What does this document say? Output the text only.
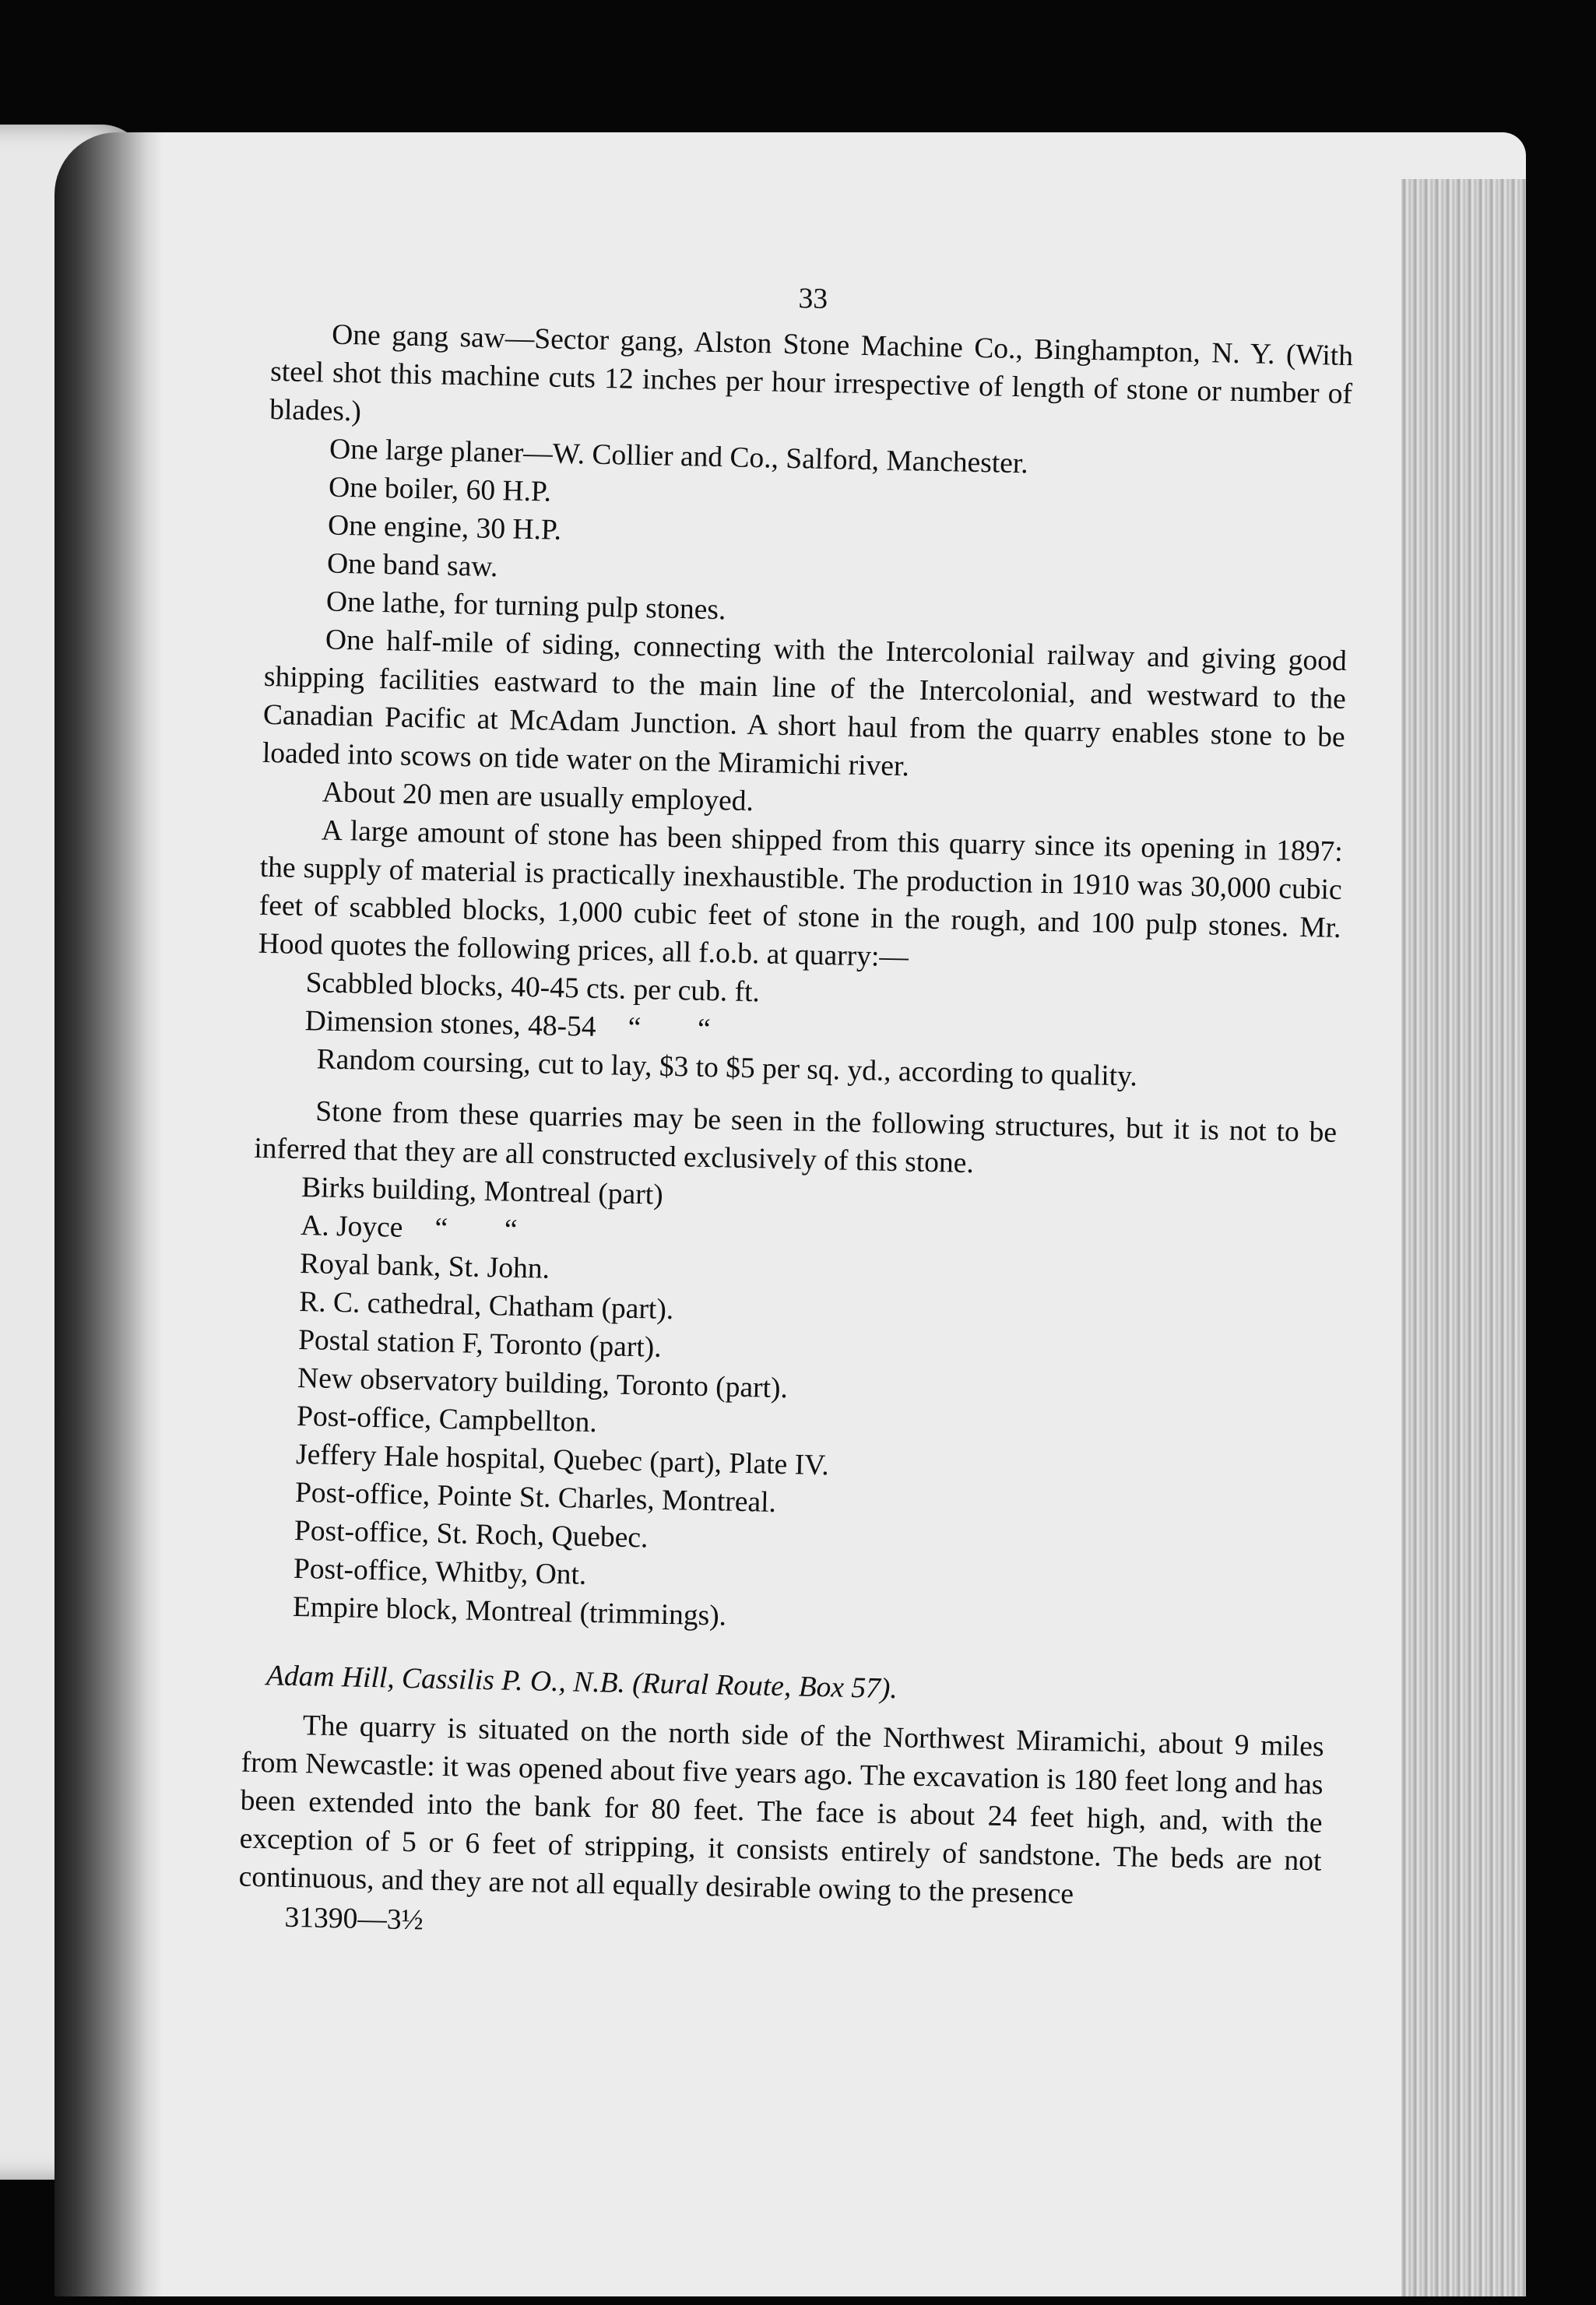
33

One gang saw—Sector gang, Alston Stone Machine Co., Binghampton, N. Y. (With steel shot this machine cuts 12 inches per hour irrespective of length of stone or number of blades.)

One large planer—W. Collier and Co., Salford, Manchester.
One boiler, 60 H.P.
One engine, 30 H.P.
One band saw.
One lathe, for turning pulp stones.

One half-mile of siding, connecting with the Intercolonial railway and giving good shipping facilities eastward to the main line of the Intercolonial, and westward to the Canadian Pacific at McAdam Junction. A short haul from the quarry enables stone to be loaded into scows on tide water on the Miramichi river.

About 20 men are usually employed.

A large amount of stone has been shipped from this quarry since its opening in 1897: the supply of material is practically inexhaustible. The production in 1910 was 30,000 cubic feet of scabbled blocks, 1,000 cubic feet of stone in the rough, and 100 pulp stones. Mr. Hood quotes the following prices, all f.o.b. at quarry:—

Scabbled blocks, 40-45 cts. per cub. ft.
Dimension stones, 48-54 “ “

Random coursing, cut to lay, $3 to $5 per sq. yd., according to quality.

Stone from these quarries may be seen in the following structures, but it is not to be inferred that they are all constructed exclusively of this stone.

Birks building, Montreal (part)
A. Joyce “ “
Royal bank, St. John.
R. C. cathedral, Chatham (part).
Postal station F, Toronto (part).
New observatory building, Toronto (part).
Post-office, Campbellton.
Jeffery Hale hospital, Quebec (part), Plate IV.
Post-office, Pointe St. Charles, Montreal.
Post-office, St. Roch, Quebec.
Post-office, Whitby, Ont.
Empire block, Montreal (trimmings).
Adam Hill, Cassilis P. O., N.B. (Rural Route, Box 57).

The quarry is situated on the north side of the Northwest Miramichi, about 9 miles from Newcastle: it was opened about five years ago. The excavation is 180 feet long and has been extended into the bank for 80 feet. The face is about 24 feet high, and, with the exception of 5 or 6 feet of stripping, it consists entirely of sandstone. The beds are not continuous, and they are not all equally desirable owing to the presence

31390—3½
